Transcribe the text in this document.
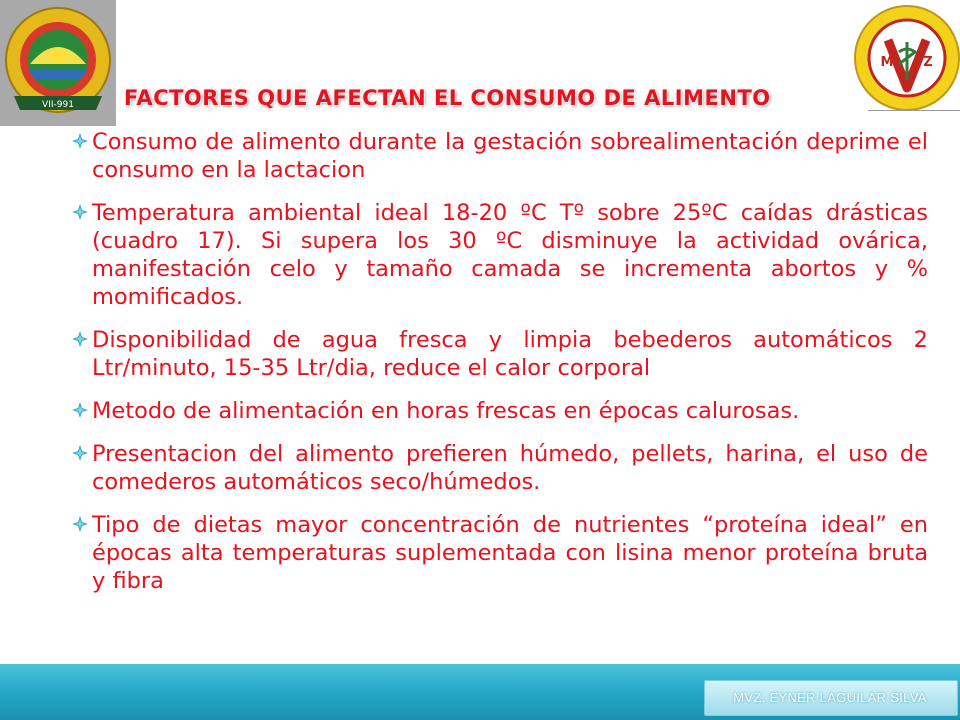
VII-991
M Z
FACTORES QUE AFECTAN EL CONSUMO DE ALIMENTO
Consumo de alimento durante la gestación sobrealimentación deprime el consumo en la lactacion
Temperatura ambiental ideal 18-20 ºC Tº sobre 25ºC caídas drásticas (cuadro 17). Si supera los 30 ºC disminuye la actividad ovárica, manifestación celo y tamaño camada se incrementa abortos y % momificados.
Disponibilidad de agua fresca y limpia bebederos automáticos 2 Ltr/minuto, 15-35 Ltr/dia, reduce el calor corporal
Metodo de alimentación en horas frescas en épocas calurosas.
Presentacion del alimento prefieren húmedo, pellets, harina, el uso de comederos automáticos seco/húmedos.
Tipo de dietas mayor concentración de nutrientes “proteína ideal” en épocas alta temperaturas suplementada con lisina menor proteína bruta y fibra
MVZ. EYNER LAGUILAR SILVA
